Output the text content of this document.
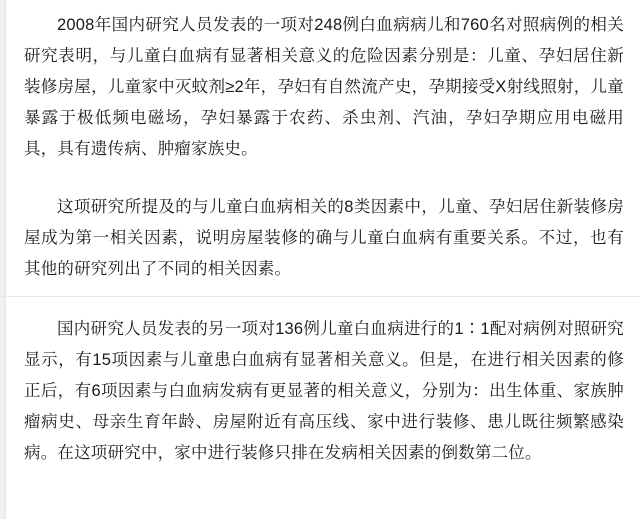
2008年国内研究人员发表的一项对248例白血病病儿和760名对照病例的相关研究表明，与儿童白血病有显著相关意义的危险因素分别是：儿童、孕妇居住新装修房屋，儿童家中灭蚊剂≥2年，孕妇有自然流产史，孕期接受X射线照射，儿童暴露于极低频电磁场，孕妇暴露于农药、杀虫剂、汽油，孕妇孕期应用电磁用具，具有遗传病、肿瘤家族史。

这项研究所提及的与儿童白血病相关的8类因素中，儿童、孕妇居住新装修房屋成为第一相关因素，说明房屋装修的确与儿童白血病有重要关系。不过，也有其他的研究列出了不同的相关因素。

国内研究人员发表的另一项对136例儿童白血病进行的1∶1配对病例对照研究显示，有15项因素与儿童患白血病有显著相关意义。但是，在进行相关因素的修正后，有6项因素与白血病发病有更显著的相关意义，分别为：出生体重、家族肿瘤病史、母亲生育年龄、房屋附近有高压线、家中进行装修、患儿既往频繁感染病。在这项研究中，家中进行装修只排在发病相关因素的倒数第二位。
